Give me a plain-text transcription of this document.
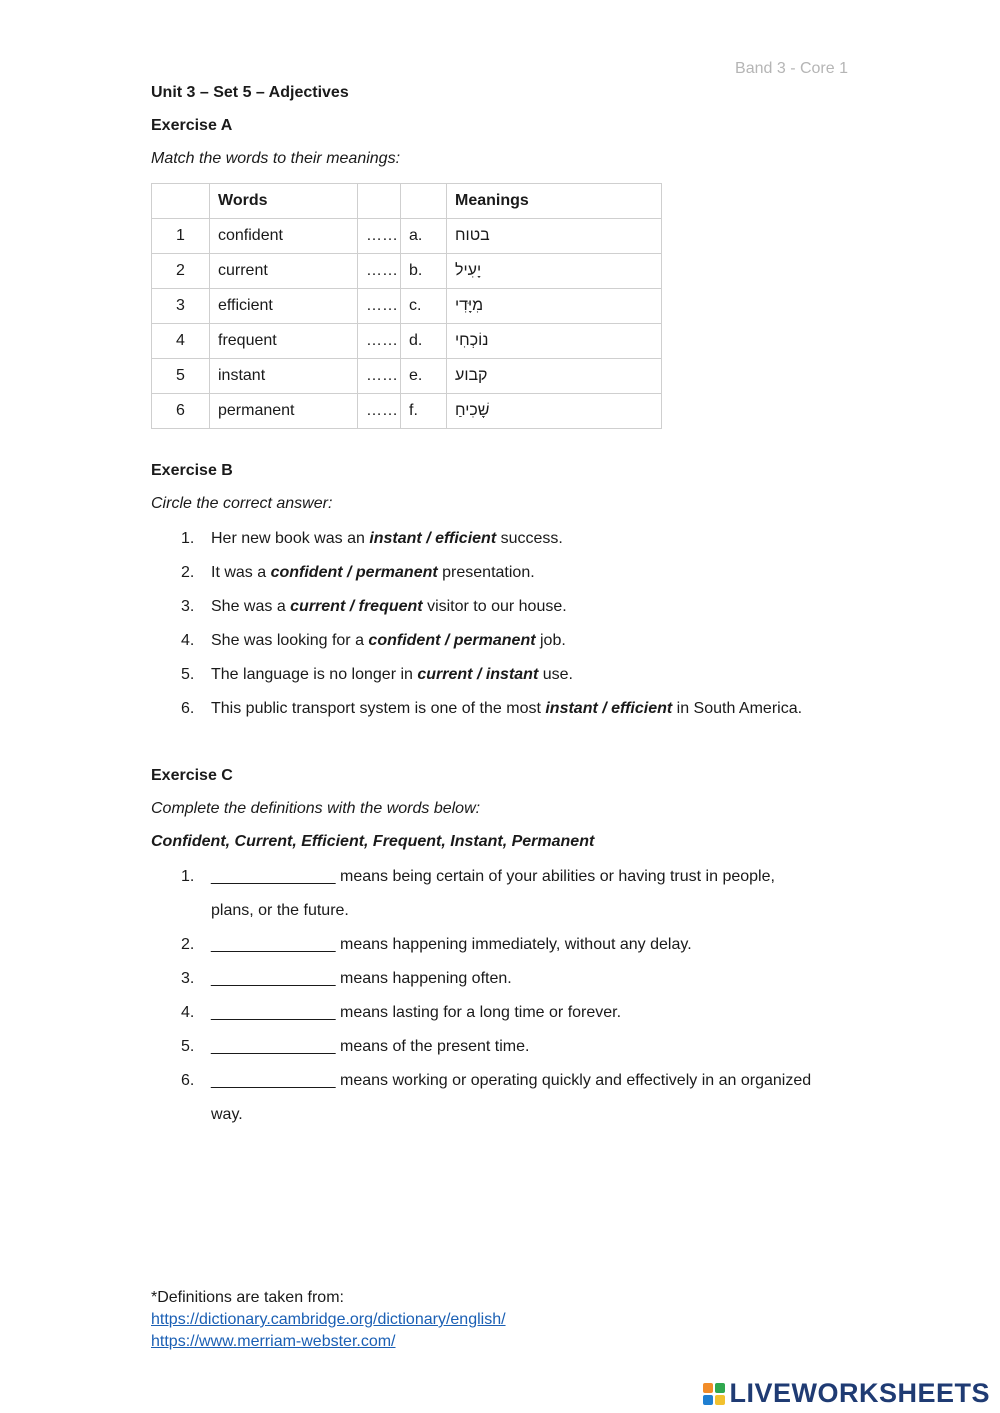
Band 3 - Core 1
Unit 3 – Set 5 – Adjectives
Exercise A
Match the words to their meanings:
	Words			Meanings
1	confident	……	a.	בטוח
2	current	……	b.	יָעִיל
3	efficient	……	c.	מִיָּדִי
4	frequent	……	d.	נוֹכְחִי
5	instant	……	e.	קבוע
6	permanent	……	f.	שָׁכִיחַ
Exercise B
Circle the correct answer:
1. Her new book was an instant / efficient success.
2. It was a confident / permanent presentation.
3. She was a current / frequent visitor to our house.
4. She was looking for a confident / permanent job.
5. The language is no longer in current / instant use.
6. This public transport system is one of the most instant / efficient in South America.
Exercise C
Complete the definitions with the words below:
Confident, Current, Efficient, Frequent, Instant, Permanent
1. ______________ means being certain of your abilities or having trust in people,
plans, or the future.
2. ______________ means happening immediately, without any delay.
3. ______________ means happening often.
4. ______________ means lasting for a long time or forever.
5. ______________ means of the present time.
6. ______________ means working or operating quickly and effectively in an organized
way.
*Definitions are taken from:
https://dictionary.cambridge.org/dictionary/english/
https://www.merriam-webster.com/
LIVEWORKSHEETS
